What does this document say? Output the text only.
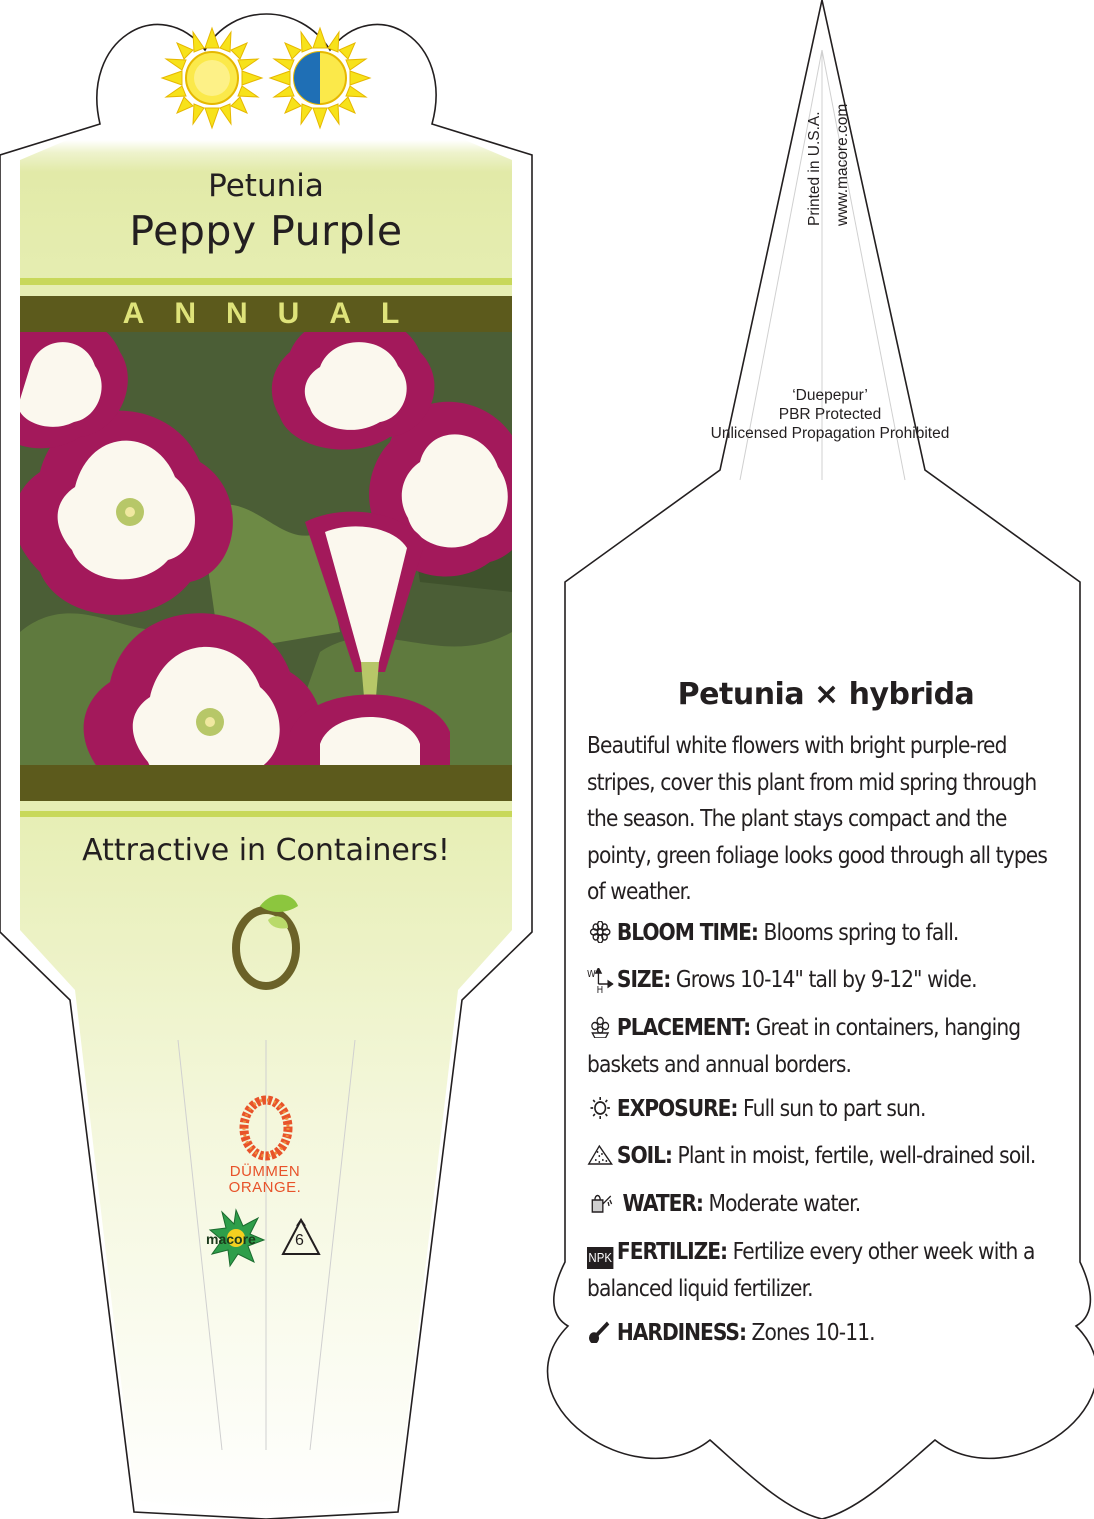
Petunia
Peppy Purple
ANNUAL
Attractive in Containers!
DÜMMEN
ORANGE.
macore 6
Printed in U.S.A. www.macore.com
‘Duepepur’
PBR Protected
Unlicensed Propagation Prohibited
Petunia × hybrida
Beautiful white flowers with bright purple-red stripes, cover this plant from mid spring through the season. The plant stays compact and the pointy, green foliage looks good through all types of weather.
BLOOM TIME: Blooms spring to fall.
W
H SIZE: Grows 10-14" tall by 9-12" wide.
PLACEMENT: Great in containers, hanging baskets and annual borders.
EXPOSURE: Full sun to part sun.
SOIL: Plant in moist, fertile, well-drained soil.
WATER: Moderate water.
NPK FERTILIZE: Fertilize every other week with a balanced liquid fertilizer.
HARDINESS: Zones 10-11.
